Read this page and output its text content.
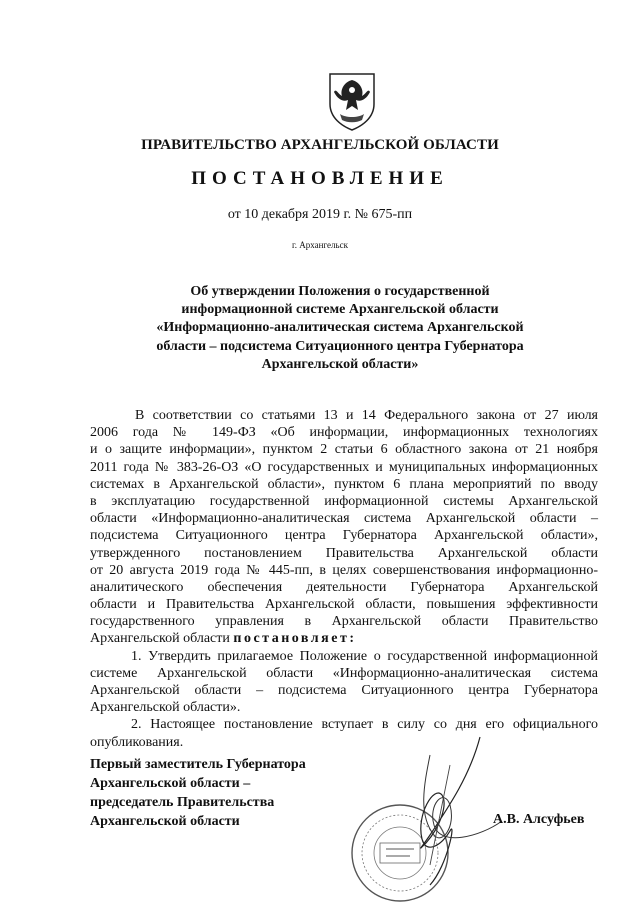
ПРАВИТЕЛЬСТВО АРХАНГЕЛЬСКОЙ ОБЛАСТИ
ПОСТАНОВЛЕНИЕ
от 10 декабря 2019 г. № 675-пп
г. Архангельск
Об утверждении Положения о государственной
информационной системе Архангельской области
«Информационно-аналитическая система Архангельской
области – подсистема Ситуационного центра Губернатора
Архангельской области»
В соответствии со статьями 13 и 14 Федерального закона от 27 июля
2006 года № 149-ФЗ «Об информации, информационных технологиях
и о защите информации», пунктом 2 статьи 6 областного закона от 21 ноября
2011 года № 383-26-ОЗ «О государственных и муниципальных информационных
системах в Архангельской области», пунктом 6 плана мероприятий по вводу
в эксплуатацию государственной информационной системы Архангельской
области «Информационно-аналитическая система Архангельской области –
подсистема Ситуационного центра Губернатора Архангельской области»,
утвержденного постановлением Правительства Архангельской области
от 20 августа 2019 года № 445-пп, в целях совершенствования информационно-
аналитического обеспечения деятельности Губернатора Архангельской
области и Правительства Архангельской области, повышения эффективности
государственного управления в Архангельской области Правительство
Архангельской области постановляет:
1. Утвердить прилагаемое Положение о государственной информационной
системе Архангельской области «Информационно-аналитическая система
Архангельской области – подсистема Ситуационного центра Губернатора
Архангельской области».
2. Настоящее постановление вступает в силу со дня его официального
опубликования.
Первый заместитель Губернатора
Архангельской области –
председатель Правительства
Архангельской области	А.В. Алсуфьев
